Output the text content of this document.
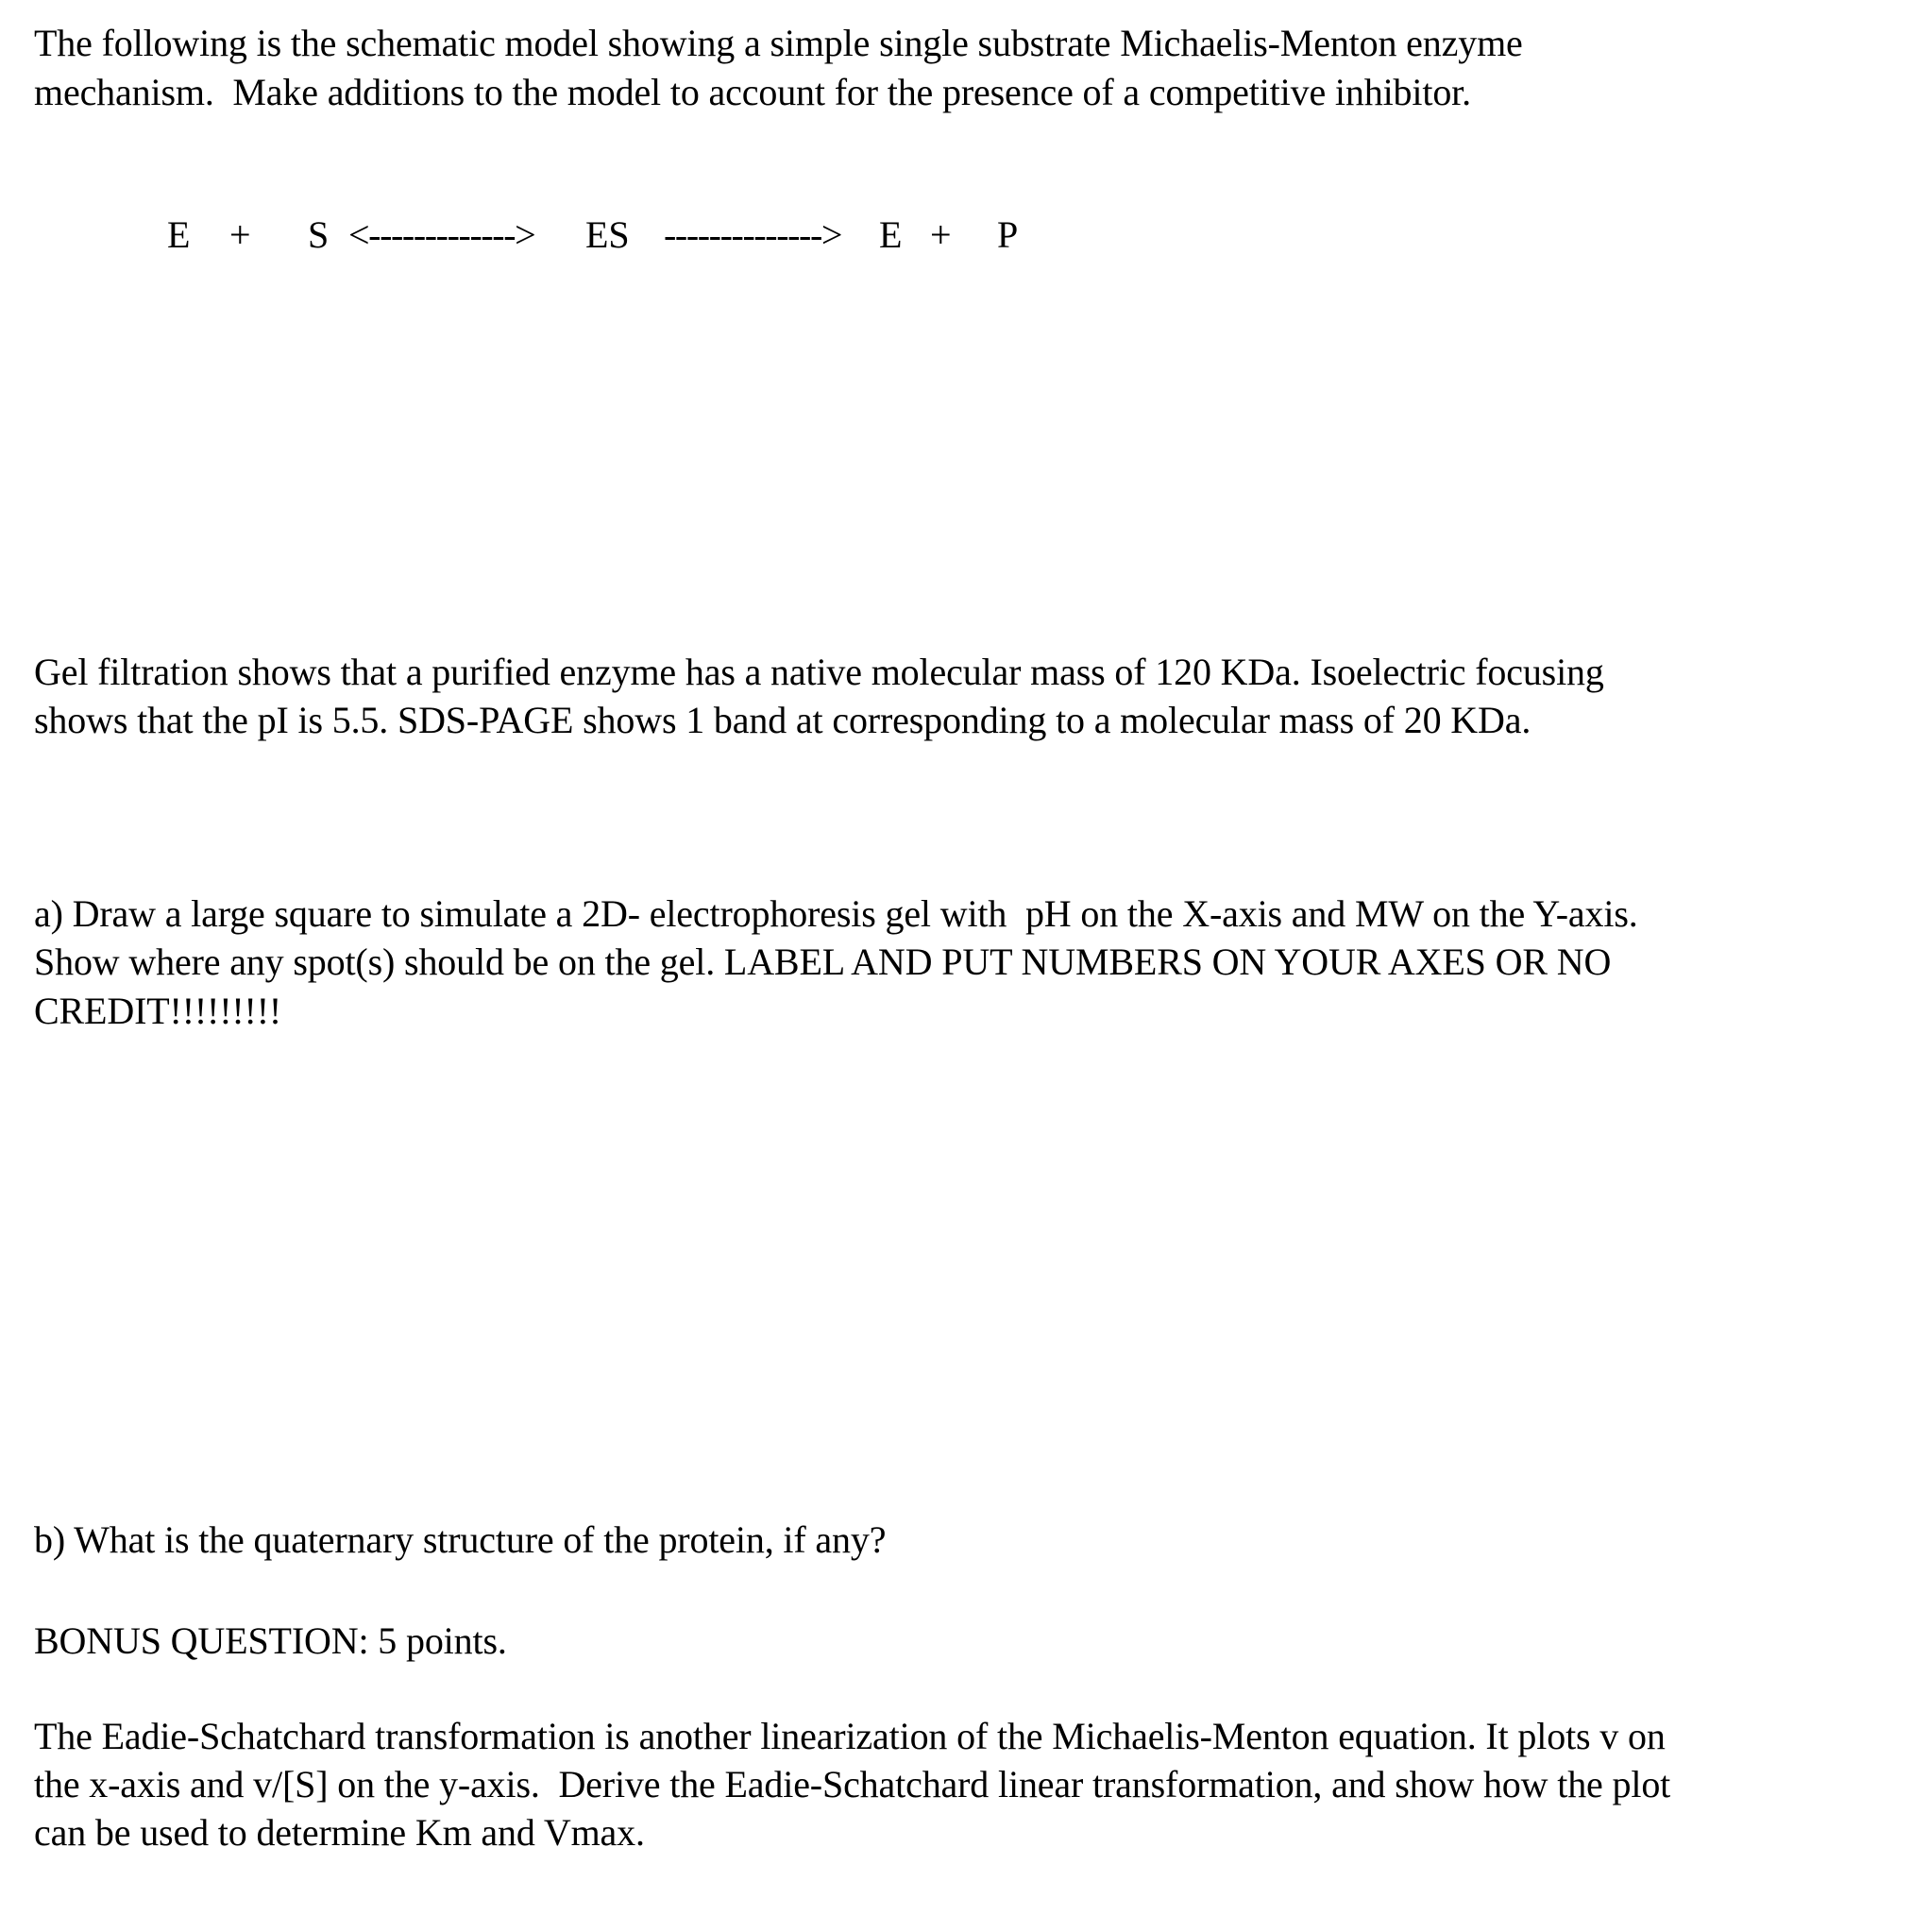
The following is the schematic model showing a simple single substrate Michaelis-Menton enzyme
mechanism.  Make additions to the model to account for the presence of a competitive inhibitor.
E + S <-------------> ES --------------> E + P
Gel filtration shows that a purified enzyme has a native molecular mass of 120 KDa. Isoelectric focusing
shows that the pI is 5.5. SDS-PAGE shows 1 band at corresponding to a molecular mass of 20 KDa.
a) Draw a large square to simulate a 2D- electrophoresis gel with  pH on the X-axis and MW on the Y-axis.
Show where any spot(s) should be on the gel. LABEL AND PUT NUMBERS ON YOUR AXES OR NO
CREDIT!!!!!!!!!
b) What is the quaternary structure of the protein, if any?
BONUS QUESTION: 5 points.
The Eadie-Schatchard transformation is another linearization of the Michaelis-Menton equation. It plots v on
the x-axis and v/[S] on the y-axis.  Derive the Eadie-Schatchard linear transformation, and show how the plot
can be used to determine Km and Vmax.
